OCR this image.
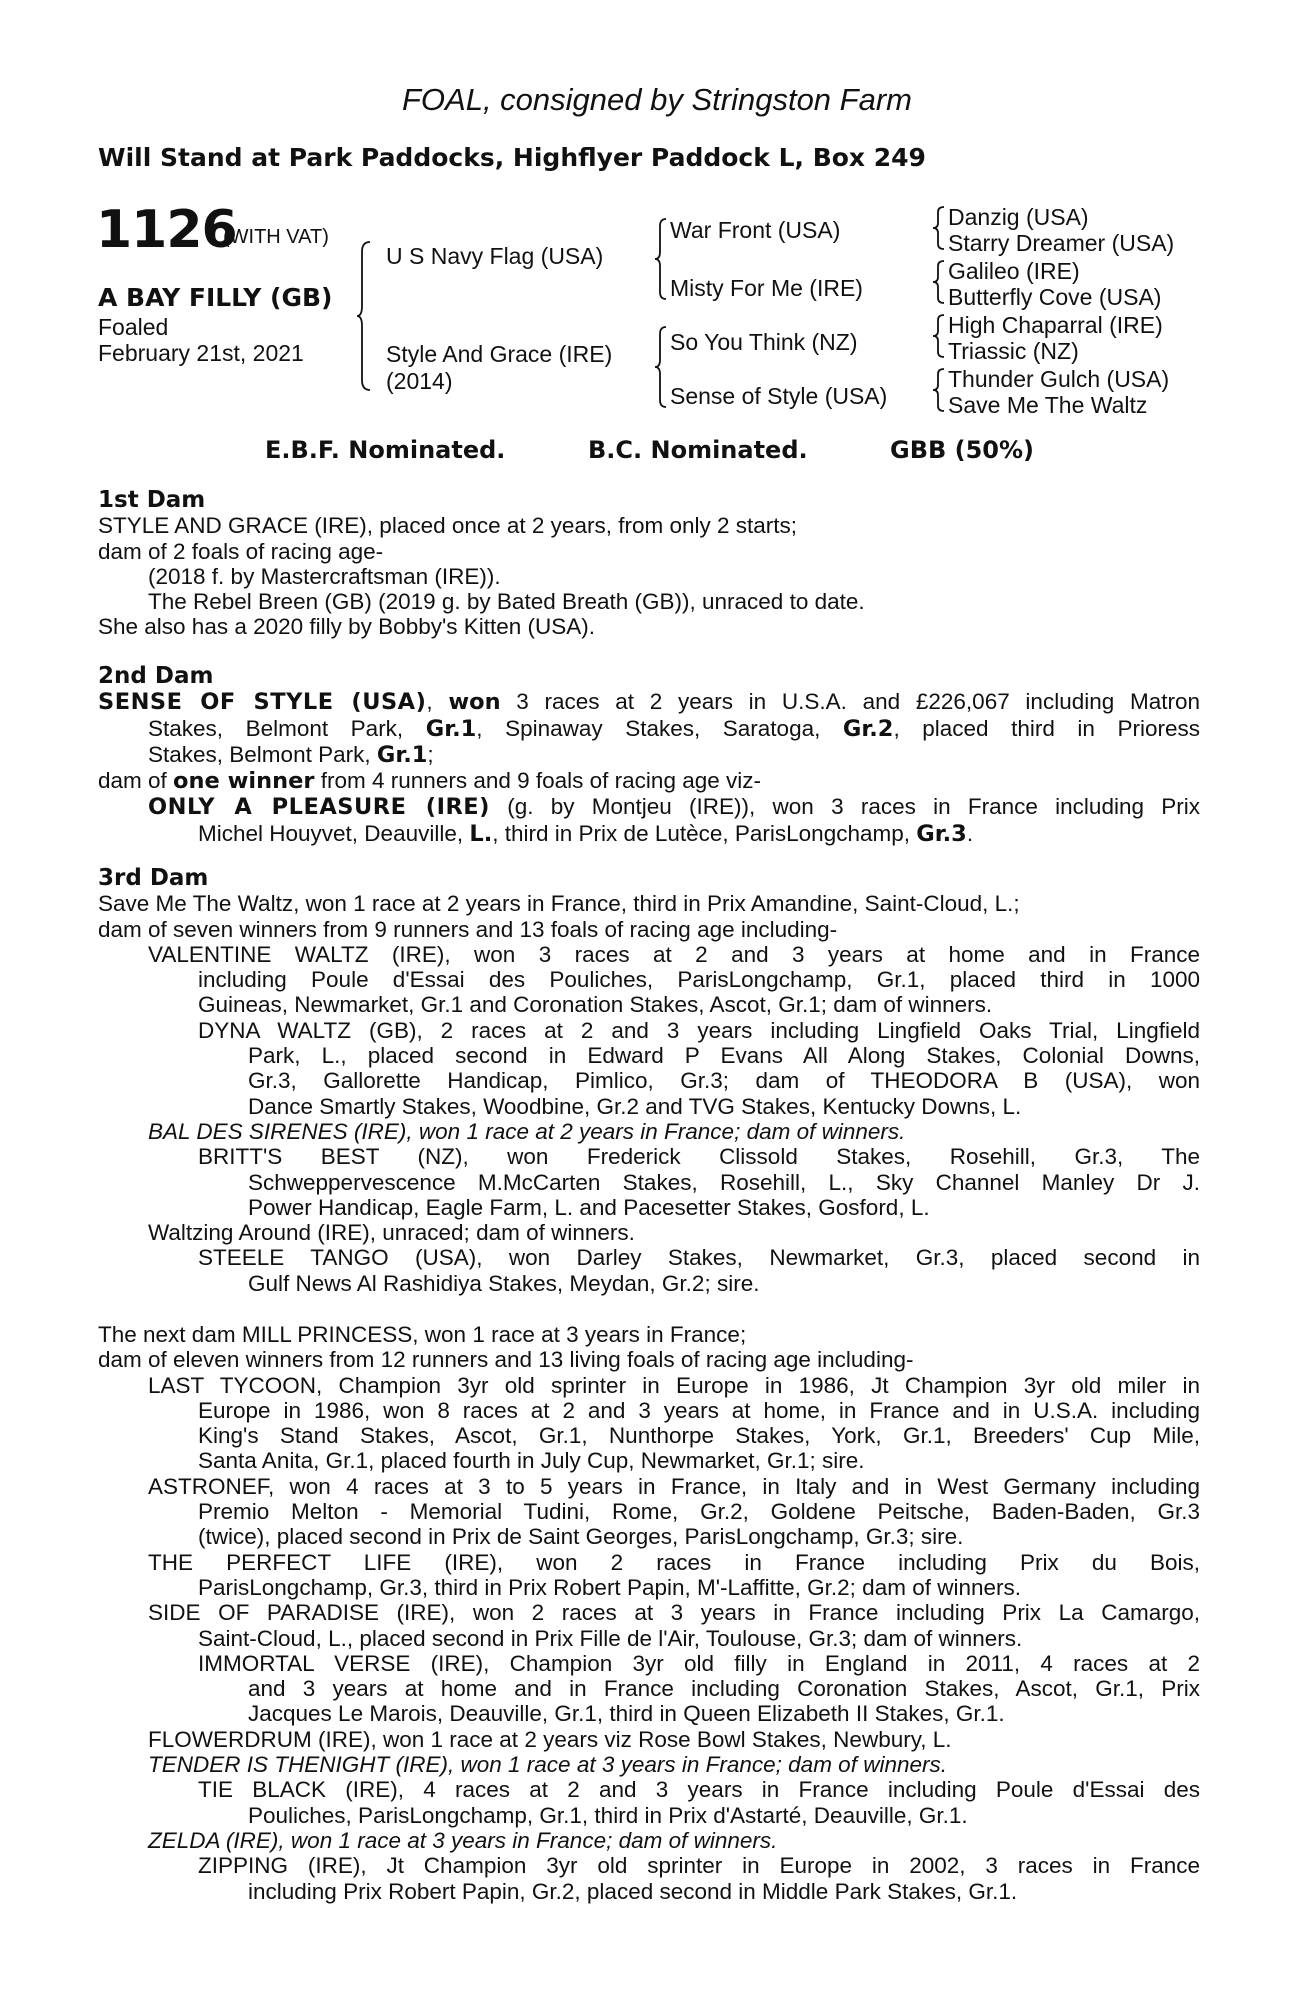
FOAL, consigned by Stringston Farm
Will Stand at Park Paddocks, Highflyer Paddock L, Box 249
1126
(WITH VAT)
A BAY FILLY (GB)
Foaled
February 21st, 2021
U S Navy Flag (USA)
Style And Grace (IRE)
(2014)
War Front (USA)
Misty For Me (IRE)
So You Think (NZ)
Sense of Style (USA)
Danzig (USA)
Starry Dreamer (USA)
Galileo (IRE)
Butterfly Cove (USA)
High Chaparral (IRE)
Triassic (NZ)
Thunder Gulch (USA)
Save Me The Waltz
E.B.F. Nominated.	B.C. Nominated.	GBB (50%)
1st Dam
STYLE AND GRACE (IRE), placed once at 2 years, from only 2 starts;
dam of 2 foals of racing age-
(2018 f. by Mastercraftsman (IRE)).
The Rebel Breen (GB) (2019 g. by Bated Breath (GB)), unraced to date.
She also has a 2020 filly by Bobby's Kitten (USA).
2nd Dam
SENSE OF STYLE (USA), won 3 races at 2 years in U.S.A. and £226,067 including Matron
Stakes, Belmont Park, Gr.1, Spinaway Stakes, Saratoga, Gr.2, placed third in Prioress
Stakes, Belmont Park, Gr.1;
dam of one winner from 4 runners and 9 foals of racing age viz-
ONLY A PLEASURE (IRE) (g. by Montjeu (IRE)), won 3 races in France including Prix
Michel Houyvet, Deauville, L., third in Prix de Lutèce, ParisLongchamp, Gr.3.
3rd Dam
Save Me The Waltz, won 1 race at 2 years in France, third in Prix Amandine, Saint-Cloud, L.;
dam of seven winners from 9 runners and 13 foals of racing age including-
VALENTINE WALTZ (IRE), won 3 races at 2 and 3 years at home and in France
including Poule d'Essai des Pouliches, ParisLongchamp, Gr.1, placed third in 1000
Guineas, Newmarket, Gr.1 and Coronation Stakes, Ascot, Gr.1; dam of winners.
DYNA WALTZ (GB), 2 races at 2 and 3 years including Lingfield Oaks Trial, Lingfield
Park, L., placed second in Edward P Evans All Along Stakes, Colonial Downs,
Gr.3, Gallorette Handicap, Pimlico, Gr.3; dam of THEODORA B (USA), won
Dance Smartly Stakes, Woodbine, Gr.2 and TVG Stakes, Kentucky Downs, L.
BAL DES SIRENES (IRE), won 1 race at 2 years in France; dam of winners.
BRITT'S BEST (NZ), won Frederick Clissold Stakes, Rosehill, Gr.3, The
Schweppervescence M.McCarten Stakes, Rosehill, L., Sky Channel Manley Dr J.
Power Handicap, Eagle Farm, L. and Pacesetter Stakes, Gosford, L.
Waltzing Around (IRE), unraced; dam of winners.
STEELE TANGO (USA), won Darley Stakes, Newmarket, Gr.3, placed second in
Gulf News Al Rashidiya Stakes, Meydan, Gr.2; sire.
The next dam MILL PRINCESS, won 1 race at 3 years in France;
dam of eleven winners from 12 runners and 13 living foals of racing age including-
LAST TYCOON, Champion 3yr old sprinter in Europe in 1986, Jt Champion 3yr old miler in
Europe in 1986, won 8 races at 2 and 3 years at home, in France and in U.S.A. including
King's Stand Stakes, Ascot, Gr.1, Nunthorpe Stakes, York, Gr.1, Breeders' Cup Mile,
Santa Anita, Gr.1, placed fourth in July Cup, Newmarket, Gr.1; sire.
ASTRONEF, won 4 races at 3 to 5 years in France, in Italy and in West Germany including
Premio Melton - Memorial Tudini, Rome, Gr.2, Goldene Peitsche, Baden-Baden, Gr.3
(twice), placed second in Prix de Saint Georges, ParisLongchamp, Gr.3; sire.
THE PERFECT LIFE (IRE), won 2 races in France including Prix du Bois,
ParisLongchamp, Gr.3, third in Prix Robert Papin, M'-Laffitte, Gr.2; dam of winners.
SIDE OF PARADISE (IRE), won 2 races at 3 years in France including Prix La Camargo,
Saint-Cloud, L., placed second in Prix Fille de l'Air, Toulouse, Gr.3; dam of winners.
IMMORTAL VERSE (IRE), Champion 3yr old filly in England in 2011, 4 races at 2
and 3 years at home and in France including Coronation Stakes, Ascot, Gr.1, Prix
Jacques Le Marois, Deauville, Gr.1, third in Queen Elizabeth II Stakes, Gr.1.
FLOWERDRUM (IRE), won 1 race at 2 years viz Rose Bowl Stakes, Newbury, L.
TENDER IS THENIGHT (IRE), won 1 race at 3 years in France; dam of winners.
TIE BLACK (IRE), 4 races at 2 and 3 years in France including Poule d'Essai des
Pouliches, ParisLongchamp, Gr.1, third in Prix d'Astarté, Deauville, Gr.1.
ZELDA (IRE), won 1 race at 3 years in France; dam of winners.
ZIPPING (IRE), Jt Champion 3yr old sprinter in Europe in 2002, 3 races in France
including Prix Robert Papin, Gr.2, placed second in Middle Park Stakes, Gr.1.
